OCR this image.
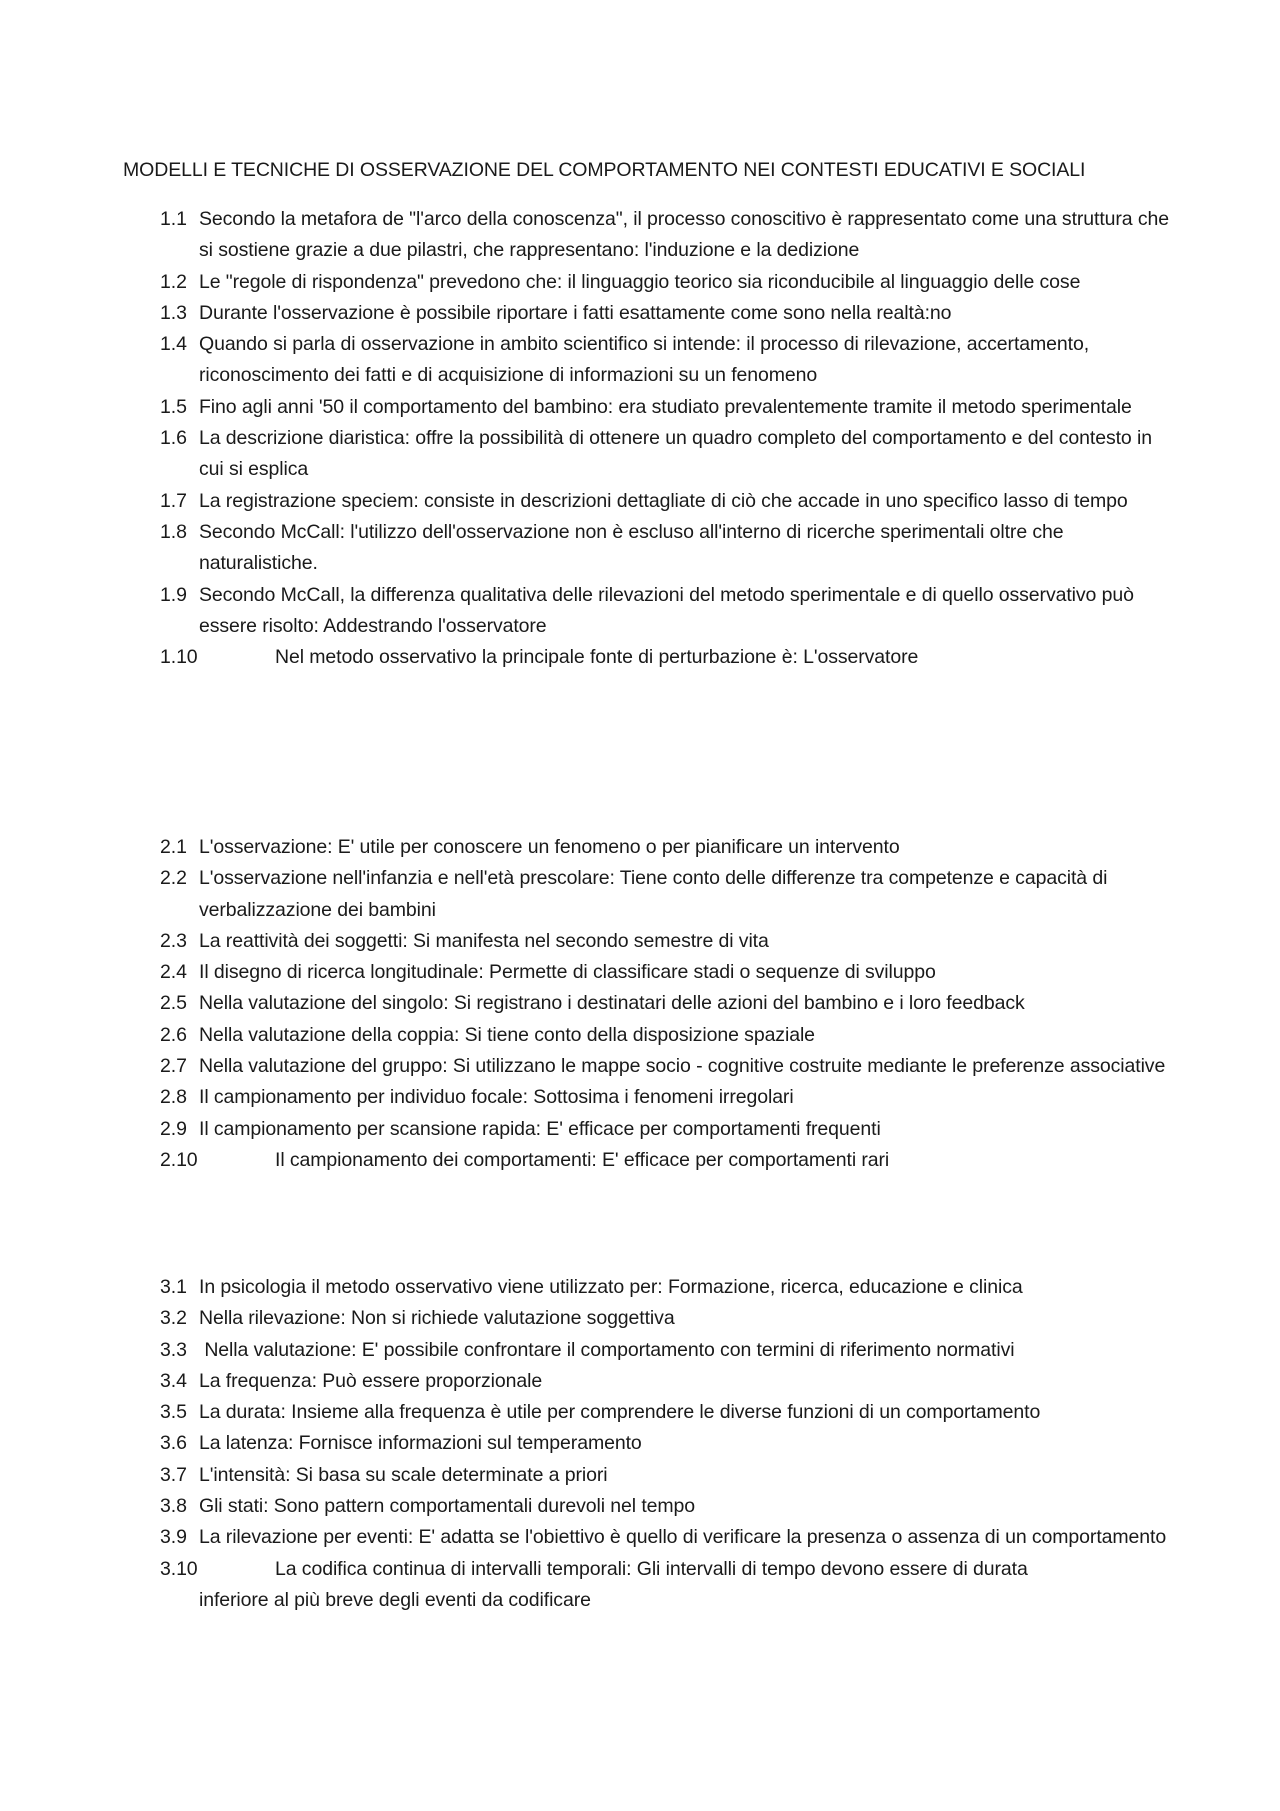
MODELLI E TECNICHE DI OSSERVAZIONE DEL COMPORTAMENTO NEI CONTESTI EDUCATIVI E SOCIALI
1.1 Secondo la metafora de "l'arco della conoscenza", il processo conoscitivo è rappresentato come una struttura che si sostiene grazie a due pilastri, che rappresentano: l'induzione e la dedizione
1.2 Le "regole di rispondenza" prevedono che: il linguaggio teorico sia riconducibile al linguaggio delle cose
1.3 Durante l'osservazione è possibile riportare i fatti esattamente come sono nella realtà:no
1.4 Quando si parla di osservazione in ambito scientifico si intende: il processo di rilevazione, accertamento, riconoscimento dei fatti e di acquisizione di informazioni su un fenomeno
1.5 Fino agli anni '50 il comportamento del bambino: era studiato prevalentemente tramite il metodo sperimentale
1.6 La descrizione diaristica: offre la possibilità di ottenere un quadro completo del comportamento e del contesto in cui si esplica
1.7 La registrazione speciem: consiste in descrizioni dettagliate di ciò che accade in uno specifico lasso di tempo
1.8 Secondo McCall: l'utilizzo dell'osservazione non è escluso all'interno di ricerche sperimentali oltre che naturalistiche.
1.9 Secondo McCall, la differenza qualitativa delle rilevazioni del metodo sperimentale e di quello osservativo può essere risolto: Addestrando l'osservatore
1.10	Nel metodo osservativo la principale fonte di perturbazione è: L'osservatore
2.1 L'osservazione: E' utile per conoscere un fenomeno o per pianificare un intervento
2.2 L'osservazione nell'infanzia e nell'età prescolare: Tiene conto delle differenze tra competenze e capacità di verbalizzazione dei bambini
2.3 La reattività dei soggetti: Si manifesta nel secondo semestre di vita
2.4 Il disegno di ricerca longitudinale: Permette di classificare stadi o sequenze di sviluppo
2.5 Nella valutazione del singolo: Si registrano i destinatari delle azioni del bambino e i loro feedback
2.6 Nella valutazione della coppia: Si tiene conto della disposizione spaziale
2.7 Nella valutazione del gruppo: Si utilizzano le mappe socio - cognitive costruite mediante le preferenze associative
2.8 Il campionamento per individuo focale: Sottosima i fenomeni irregolari
2.9 Il campionamento per scansione rapida: E' efficace per comportamenti frequenti
2.10	Il campionamento dei comportamenti: E' efficace per comportamenti rari
3.1 In psicologia il metodo osservativo viene utilizzato per: Formazione, ricerca, educazione e clinica
3.2 Nella rilevazione: Non si richiede valutazione soggettiva
3.3 Nella valutazione: E' possibile confrontare il comportamento con termini di riferimento normativi
3.4 La frequenza: Può essere proporzionale
3.5 La durata: Insieme alla frequenza è utile per comprendere le diverse funzioni di un comportamento
3.6 La latenza: Fornisce informazioni sul temperamento
3.7 L'intensità: Si basa su scale determinate a priori
3.8 Gli stati: Sono pattern comportamentali durevoli nel tempo
3.9 La rilevazione per eventi: E' adatta se l'obiettivo è quello di verificare la presenza o assenza di un comportamento
3.10	La codifica continua di intervalli temporali: Gli intervalli di tempo devono essere di durata
inferiore al più breve degli eventi da codificare
